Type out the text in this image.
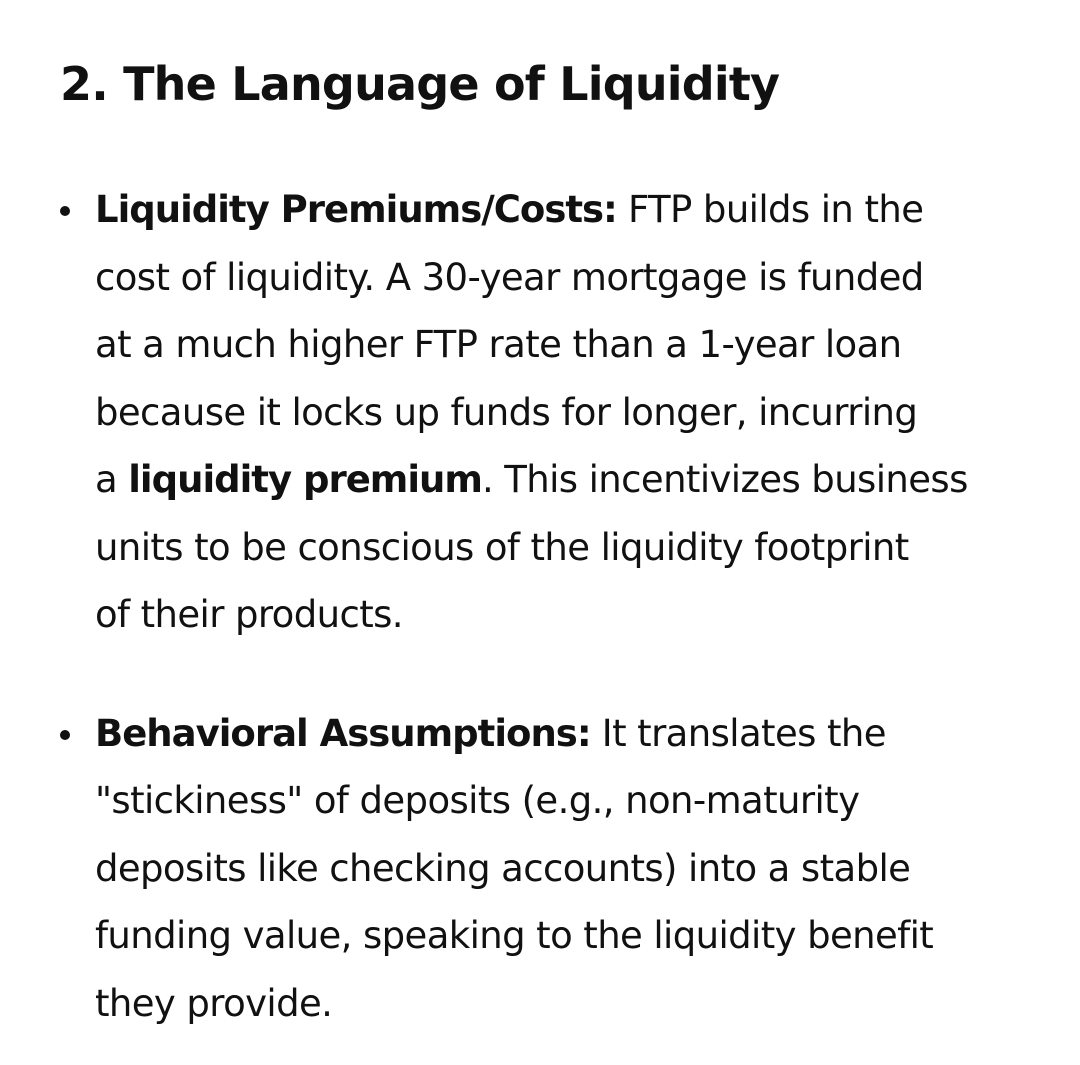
2. The Language of Liquidity
Liquidity Premiums/Costs: FTP builds in the
cost of liquidity. A 30-year mortgage is funded
at a much higher FTP rate than a 1-year loan
because it locks up funds for longer, incurring
a liquidity premium. This incentivizes business
units to be conscious of the liquidity footprint
of their products.
Behavioral Assumptions: It translates the
"stickiness" of deposits (e.g., non-maturity
deposits like checking accounts) into a stable
funding value, speaking to the liquidity benefit
they provide.
